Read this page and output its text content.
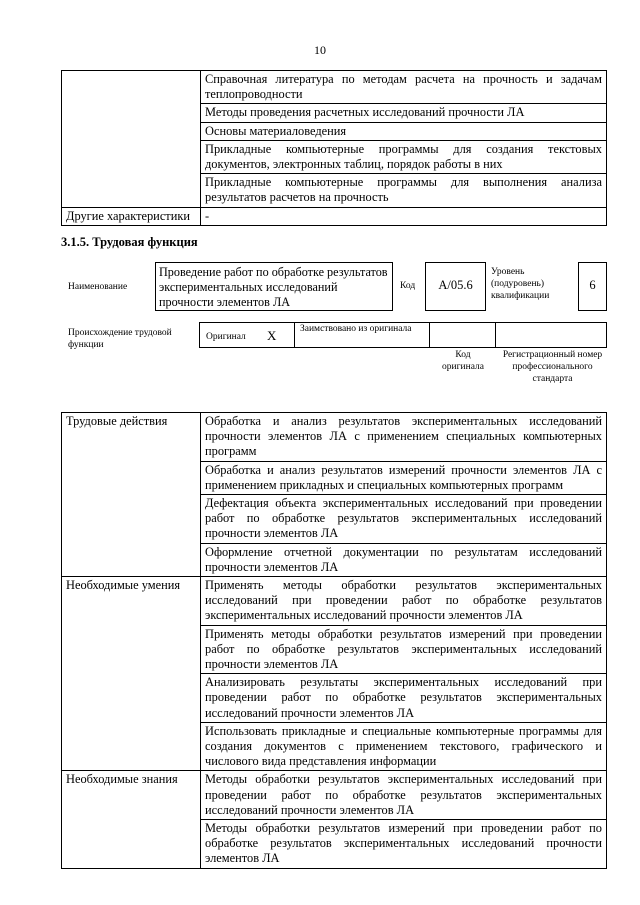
10
	Справочная литература по методам расчета на прочность и задачам теплопроводности
	Методы проведения расчетных исследований прочности ЛА
	Основы материаловедения
	Прикладные компьютерные программы для создания текстовых документов, электронных таблиц, порядок работы в них
	Прикладные компьютерные программы для выполнения анализа результатов расчетов на прочность
Другие характеристики	-
3.1.5. Трудовая функция
Наименование
Проведение работ по обработке результатов экспериментальных исследований прочности элементов ЛА
Код	А/05.6
Уровень (подуровень) квалификации
6
Происхождение трудовой функции
Оригинал X Заимствовано из оригинала
Код оригинала
Регистрационный номер профессионального стандарта
Трудовые действия	Обработка и анализ результатов экспериментальных исследований прочности элементов ЛА с применением специальных компьютерных программ
	Обработка и анализ результатов измерений прочности элементов ЛА с применением прикладных и специальных компьютерных программ
	Дефектация объекта экспериментальных исследований при проведении работ по обработке результатов экспериментальных исследований прочности элементов ЛА
	Оформление отчетной документации по результатам исследований прочности элементов ЛА
Необходимые умения	Применять методы обработки результатов экспериментальных исследований при проведении работ по обработке результатов экспериментальных исследований прочности элементов ЛА
	Применять методы обработки результатов измерений при проведении работ по обработке результатов экспериментальных исследований прочности элементов ЛА
	Анализировать результаты экспериментальных исследований при проведении работ по обработке результатов экспериментальных исследований прочности элементов ЛА
	Использовать прикладные и специальные компьютерные программы для создания документов с применением текстового, графического и числового вида представления информации
Необходимые знания	Методы обработки результатов экспериментальных исследований при проведении работ по обработке результатов экспериментальных исследований прочности элементов ЛА
	Методы обработки результатов измерений при проведении работ по обработке результатов экспериментальных исследований прочности элементов ЛА
